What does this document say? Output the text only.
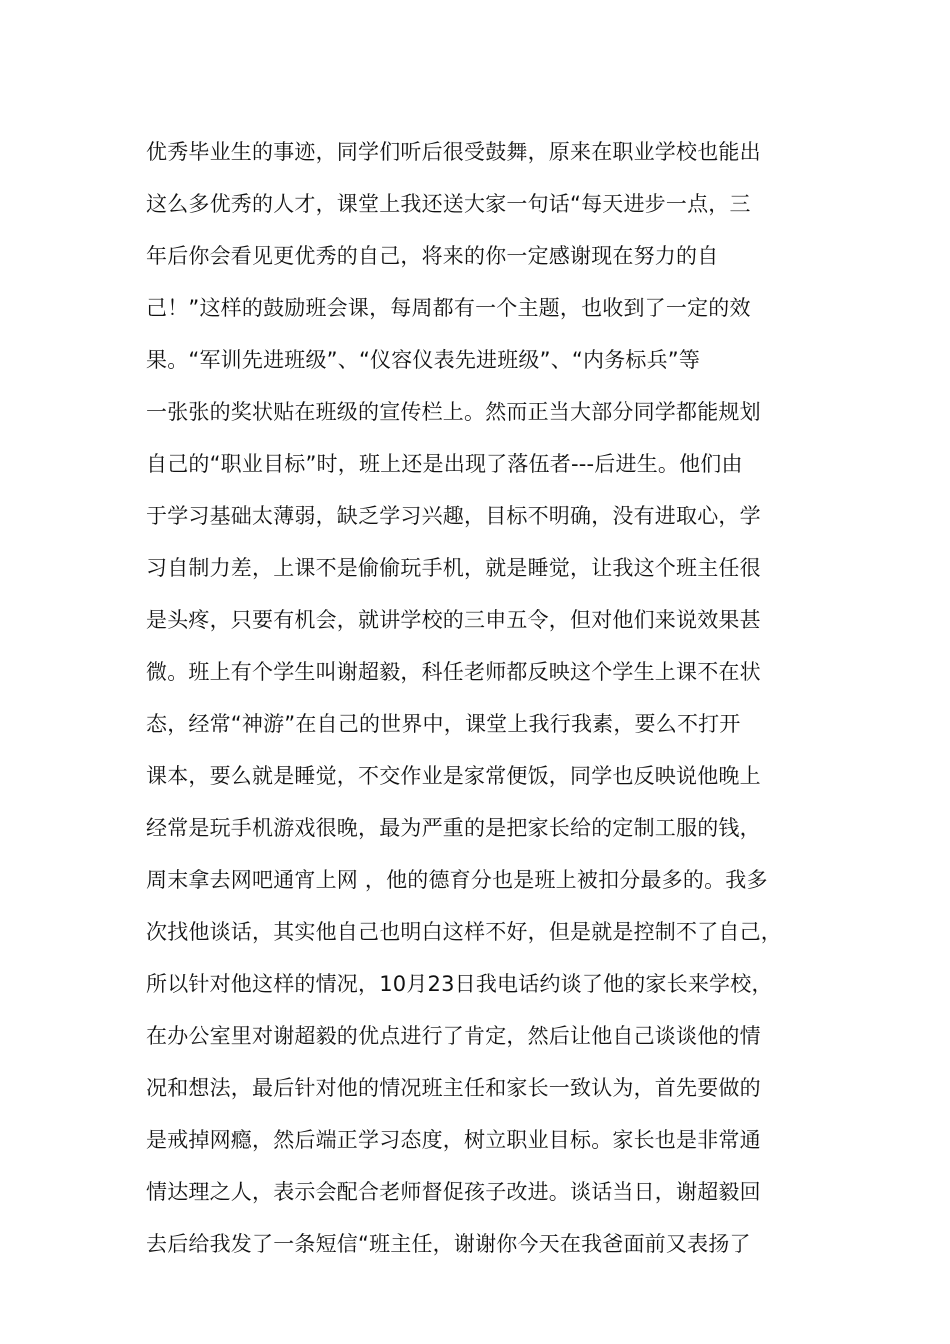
优秀毕业生的事迹，同学们听后很受鼓舞，原来在职业学校也能出
这么多优秀的人才，课堂上我还送大家一句话“每天进步一点，三
年后你会看见更优秀的自己，将来的你一定感谢现在努力的自
己！”这样的鼓励班会课，每周都有一个主题，也收到了一定的效
果。“军训先进班级”、“仪容仪表先进班级”、“内务标兵”等
一张张的奖状贴在班级的宣传栏上。然而正当大部分同学都能规划
自己的“职业目标”时，班上还是出现了落伍者---后进生。他们由
于学习基础太薄弱，缺乏学习兴趣，目标不明确，没有进取心，学
习自制力差，上课不是偷偷玩手机，就是睡觉，让我这个班主任很
是头疼，只要有机会，就讲学校的三申五令，但对他们来说效果甚
微。班上有个学生叫谢超毅，科任老师都反映这个学生上课不在状
态，经常“神游”在自己的世界中，课堂上我行我素，要么不打开
课本，要么就是睡觉，不交作业是家常便饭，同学也反映说他晚上
经常是玩手机游戏很晚，最为严重的是把家长给的定制工服的钱，
周末拿去网吧通宵上网 ，他的德育分也是班上被扣分最多的。我多
次找他谈话，其实他自己也明白这样不好，但是就是控制不了自己，
所以针对他这样的情况，10月23日我电话约谈了他的家长来学校，
在办公室里对谢超毅的优点进行了肯定，然后让他自己谈谈他的情
况和想法，最后针对他的情况班主任和家长一致认为，首先要做的
是戒掉网瘾，然后端正学习态度，树立职业目标。家长也是非常通
情达理之人，表示会配合老师督促孩子改进。谈话当日，谢超毅回
去后给我发了一条短信“班主任，谢谢你今天在我爸面前又表扬了
